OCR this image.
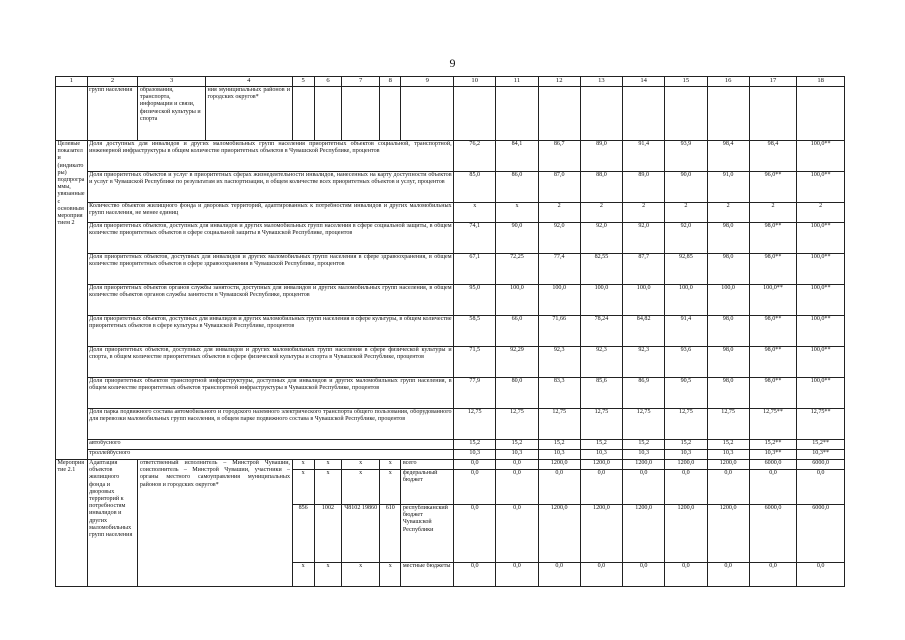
9
1	2	3	4	5	6	7	8	9	10	11	12	13	14	15	16	17	18
	групп населения	образования, транспорта, информации и связи, физической культуры и спорта	ния муниципальных районов и городских округов*														
Целевые показатели (индикаторы) подпрограммы, увязанные с основным мероприятием 2	Доля доступных для инвалидов и других маломобильных групп населения приоритетных объектов социальной, транспортной, инженерной инфраструктуры в общем количестве приоритетных объектов в Чувашской Республике, процентов								76,2	84,1	86,7	89,0	91,4	93,9	98,4	98,4	100,0**
	Доля приоритетных объектов и услуг в приоритетных сферах жизнедеятельности инвалидов, нанесенных на карту доступности объектов и услуг в Чувашской Республике по результатам их паспортизации, в общем количестве всех приоритетных объектов и услуг, процентов								85,0	86,0	87,0	88,0	89,0	90,0	91,0	96,0**	100,0**
	Количество объектов жилищного фонда и дворовых территорий, адаптированных к потребностям инвалидов и других маломобильных групп населения, не менее единиц								x	x	2	2	2	2	2	2	2
	Доля приоритетных объектов, доступных для инвалидов и других маломобильных групп населения в сфере социальной защиты, в общем количестве приоритетных объектов в сфере социальной защиты в Чувашской Республике, процентов								74,1	90,0	92,0	92,0	92,0	92,0	98,0	98,0**	100,0**
	Доля приоритетных объектов, доступных для инвалидов и других маломобильных групп населения в сфере здравоохранения, в общем количестве приоритетных объектов в сфере здравоохранения в Чувашской Республике, процентов								67,1	72,25	77,4	82,55	87,7	92,85	98,0	98,0**	100,0**
	Доля приоритетных объектов органов службы занятости, доступных для инвалидов и других маломобильных групп населения, в общем количестве объектов органов службы занятости в Чувашской Республике, процентов								95,0	100,0	100,0	100,0	100,0	100,0	100,0	100,0**	100,0**
	Доля приоритетных объектов, доступных для инвалидов и других маломобильных групп населения в сфере культуры, в общем количестве приоритетных объектов в сфере культуры в Чувашской Республике, процентов								58,5	66,0	71,66	78,24	84,82	91,4	98,0	98,0**	100,0**
	Доля приоритетных объектов, доступных для инвалидов и других маломобильных групп населения в сфере физической культуры и спорта, в общем количестве приоритетных объектов в сфере физической культуры и спорта в Чувашской Республике, процентов								71,5	92,29	92,3	92,3	92,3	93,6	98,0	98,0**	100,0**
	Доля приоритетных объектов транспортной инфраструктуры, доступных для инвалидов и других маломобильных групп населения, в общем количестве приоритетных объектов транспортной инфраструктуры в Чувашской Республике, процентов								77,9	80,0	83,3	85,6	86,9	90,5	98,0	98,0**	100,0**
	Доля парка подвижного состава автомобильного и городского наземного электрического транспорта общего пользования, оборудованного для перевозки маломобильных групп населения, в общем парке подвижного состава в Чувашской Республике, процентов								12,75	12,75	12,75	12,75	12,75	12,75	12,75	12,75**	12,75**
	автобусного								15,2	15,2	15,2	15,2	15,2	15,2	15,2	15,2**	15,2**
	троллейбусного								10,3	10,3	10,3	10,3	10,3	10,3	10,3	10,3**	10,3**
Мероприятие 2.1	Адаптация объектов жилищного фонда и дворовых территорий к потребностям инвалидов и других маломобильных групп населения	ответственный исполнитель – Минстрой Чувашии, соисполнитель – Минстрой Чувашии, участники – органы местного самоуправления муниципальных районов и городских округов*		x	x	x	x	всего	0,0	0,0	1200,0	1200,0	1200,0	1200,0	1200,0	6000,0	6000,0
				x	x	x	x	федеральный бюджет	0,0	0,0	0,0	0,0	0,0	0,0	0,0	0,0	0,0
				856	1002	Ч8102 19860	610	республиканский бюджет Чувашской Республики	0,0	0,0	1200,0	1200,0	1200,0	1200,0	1200,0	6000,0	6000,0
				x	x	x	x	местные бюджеты	0,0	0,0	0,0	0,0	0,0	0,0	0,0	0,0	0,0
